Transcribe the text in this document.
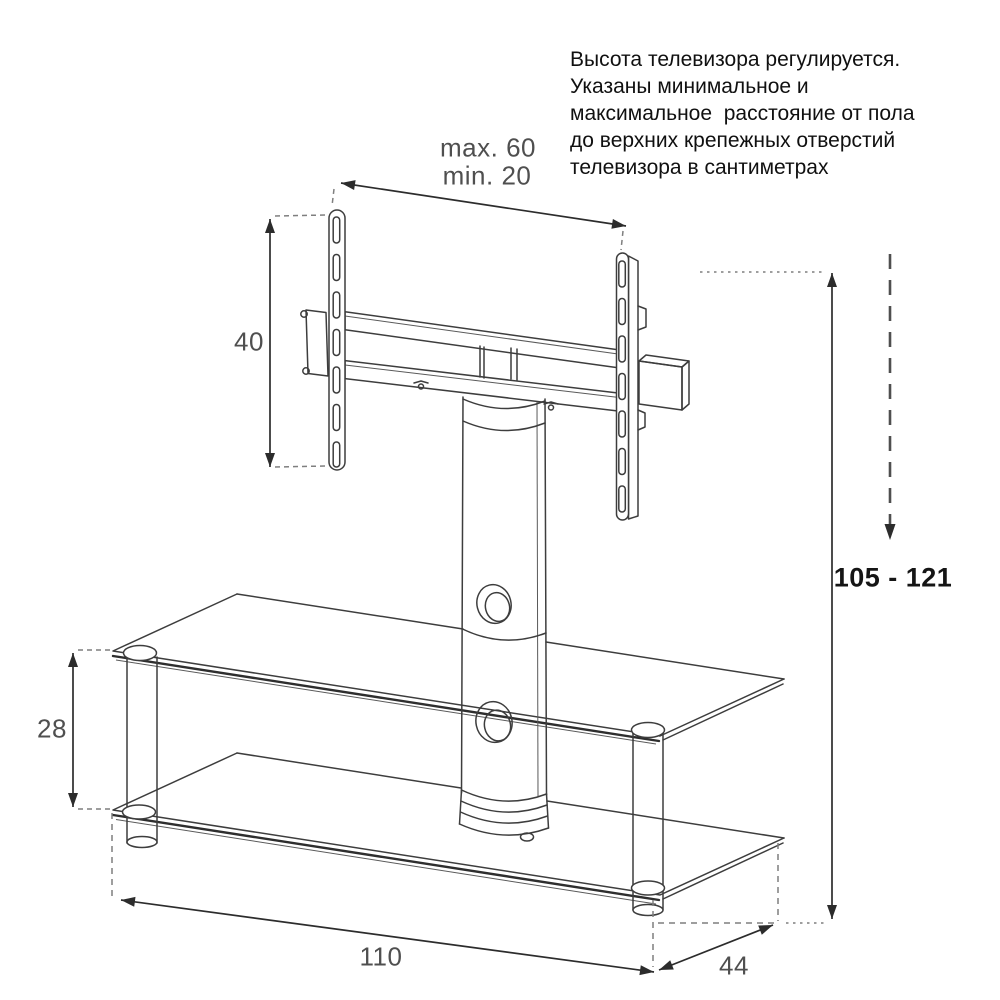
Высота телевизора регулируется.
Указаны минимальное и
максимальное  расстояние от пола
до верхних крепежных отверстий
телевизора в сантиметрах
max. 60
min. 20
40
105 - 121
28
110	44
